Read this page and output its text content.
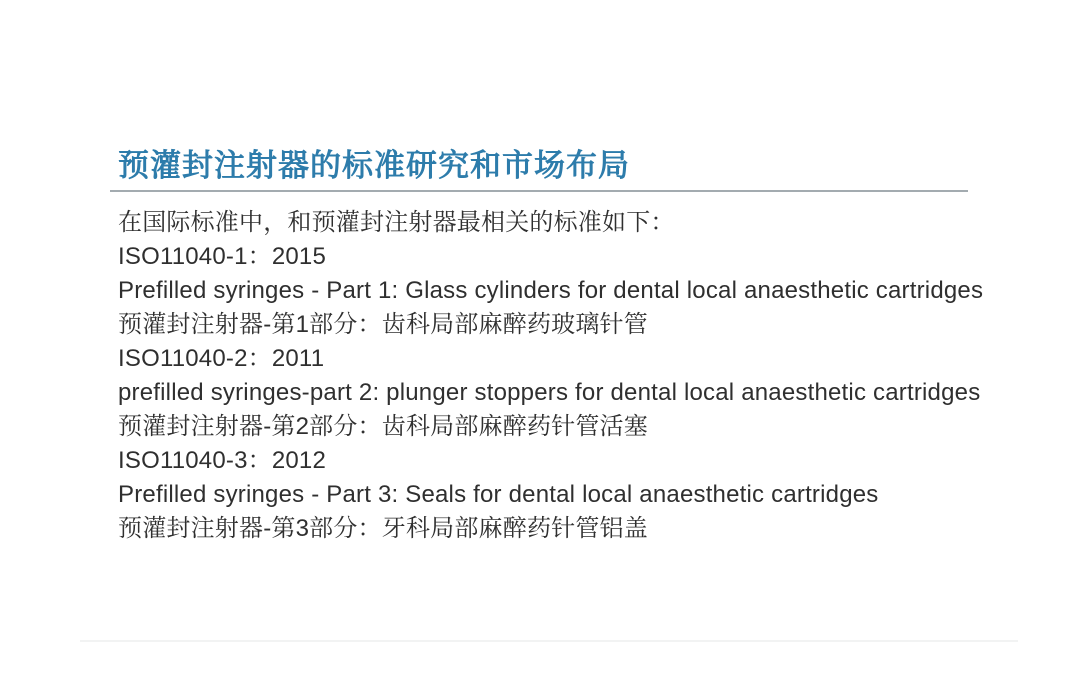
预灌封注射器的标准研究和市场布局

在国际标准中，和预灌封注射器最相关的标准如下：

ISO11040-1：2015

Prefilled syringes - Part 1: Glass cylinders for dental local anaesthetic cartridges

预灌封注射器-第1部分：齿科局部麻醉药玻璃针管

ISO11040-2：2011

prefilled syringes-part 2: plunger stoppers for dental local anaesthetic cartridges

预灌封注射器-第2部分：齿科局部麻醉药针管活塞

ISO11040-3：2012

Prefilled syringes - Part 3: Seals for dental local anaesthetic cartridges

预灌封注射器-第3部分：牙科局部麻醉药针管铝盖
